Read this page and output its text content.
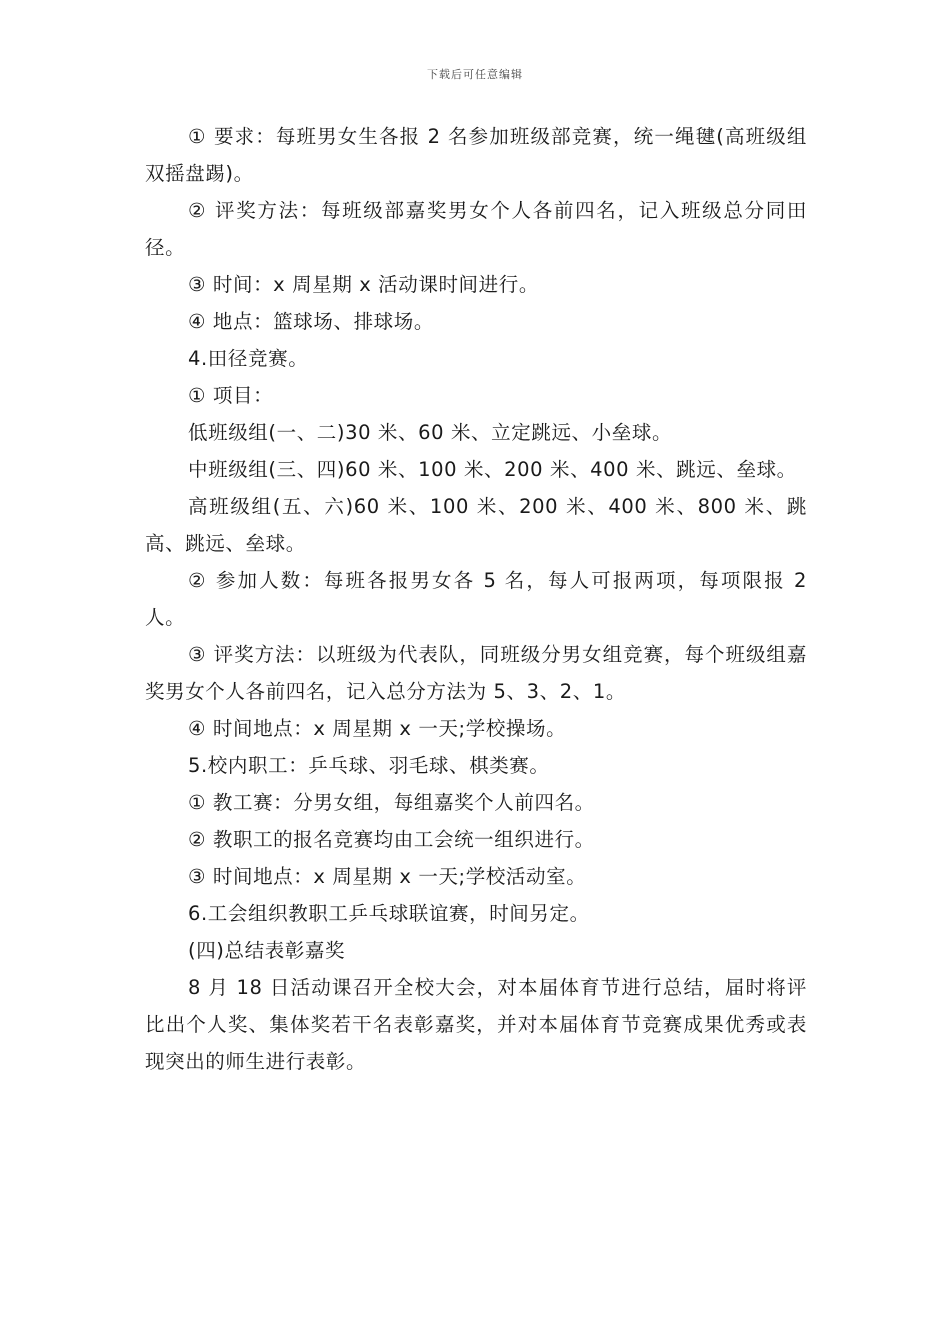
下载后可任意编辑

① 要求：每班男女生各报 2 名参加班级部竞赛，统一绳毽(高班级组双摇盘踢)。

② 评奖方法：每班级部嘉奖男女个人各前四名，记入班级总分同田径。

③ 时间：x 周星期 x 活动课时间进行。

④ 地点：篮球场、排球场。

4.田径竞赛。

① 项目：

低班级组(一、二)30 米、60 米、立定跳远、小垒球。

中班级组(三、四)60 米、100 米、200 米、400 米、跳远、垒球。

高班级组(五、六)60 米、100 米、200 米、400 米、800 米、跳高、跳远、垒球。

② 参加人数：每班各报男女各 5 名，每人可报两项，每项限报 2 人。

③ 评奖方法：以班级为代表队，同班级分男女组竞赛，每个班级组嘉奖男女个人各前四名，记入总分方法为 5、3、2、1。

④ 时间地点：x 周星期 x 一天;学校操场。

5.校内职工：乒乓球、羽毛球、棋类赛。

① 教工赛：分男女组，每组嘉奖个人前四名。

② 教职工的报名竞赛均由工会统一组织进行。

③ 时间地点：x 周星期 x 一天;学校活动室。

6.工会组织教职工乒乓球联谊赛，时间另定。

(四)总结表彰嘉奖

8 月 18 日活动课召开全校大会，对本届体育节进行总结，届时将评比出个人奖、集体奖若干名表彰嘉奖，并对本届体育节竞赛成果优秀或表现突出的师生进行表彰。
